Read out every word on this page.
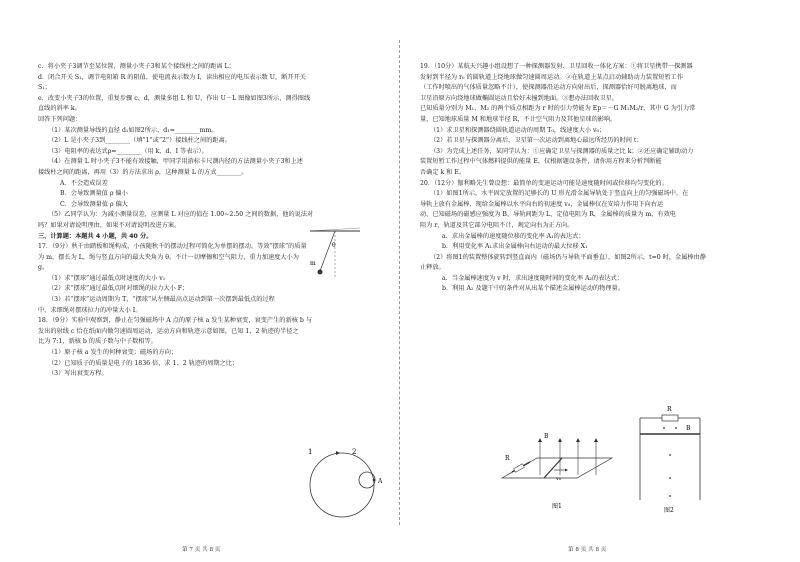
c．将小夹子3调节至某位置，测量小夹子3和某个接线柱之间的距离 L；
d．闭合开关 S₁，调节电阻箱 R 的阻值，使电流表示数为 I，读出相应的电压表示数 U，断开开关
S₁；
e．改变小夹子3的位置，重复步骤 c、d，测量多组 L 和 U，作出 U－L 图像如图3所示，测得图线
直线的斜率 k。
回答下列问题：
（1）某次测量导线的直径 d₁如图2所示，d₁=________mm。
（2）L 是小夹子3到________（填“1”或“2”）接线柱之间的距离。
（3）电阻率的表达式ρ=________（用 k、d、I 等表示）。
（4）在测量 L 时小夹子3不能有效接触，甲同学用游标卡尺测内径的方法测量小夹子3和上述
接线柱之间的距离，再用（3）的方法求出 ρ，这种测量 L 的方式________。
A．不会造成误差
B．会导致测量值 ρ 偏小
C．会导致测量值 ρ 偏大
（5）乙同学认为：为减小测量误差，应测量 L 对应的值在 1.00~2.50 之间的数据，他的说法对
吗？如果对请说明理由，如果不对请说明改进方案。
三、计算题：本题共 4 小题，共 40 分。
17．（9分）秋千由踏板和绳构成，小孩随秋千的摆动过程可简化为单摆的摆动。等效“摆球”的质量
为 m，摆长为 L，绳与竖直方向的最大夹角为 θ。不计一切摩擦和空气阻力，重力加速度大小为
g。
（1）求“摆球”通过最低点时速度的大小 v₁
（2）求“摆球”通过最低点时对细绳的拉力大小 F；
（3）若“摆球”运动周期为 T，“摆球”从左侧最高点运动到第一次摆到最低点的过程
中，求细绳对摆球拉力的冲量大小 I。
18．（9分）实验中观察到，静止在匀强磁场中 A 点的原子核 a 发生某种衰变，衰变产生的新核 b 与
发出的射线 c 恰在纸面内做匀速圆周运动，运动方向和轨迹示意如图，已知 1、2 轨迹的半径之
比为 7:1，新核 b 的质子数与中子数相等。
（1）原子核 a 发生的何种衰变；磁场的方向；
（2）已知质子的质量是电子的 1836 倍，求 1、2 轨迹的周期之比；
（3）写出衰变方程。
θ
m
1	2
A
第 7 页 共 8 页
19．（10分）某航天兴趣小组设想了一种探测器发射、卫星回收一体化方案：①将卫星携带一探测器
发射到半径为 r₀ 的圆轨道上绕地球做匀速圆周运动。②在轨道上某点启动辅助动力装置短暂工作
（工作时喷出的气体质量忽略不计），使探测器沿运动方向射出后，探测器恰好可脱离地球，而
卫星沿原方向绕地球做椭圆运动且恰好未撞到地面。③想办法回收卫星。
已知质量分别为 M₁、M₂ 的两个质点相距为 r 时的引力势能为 Ep＝－G M₁M₂/r，其中 G 为引力常
量，已知地球质量 M 和地球半径 R，不计空气阻力及其他星球的影响。
（1）求卫星和探测器绕圆轨道运动的周期 T₀，线速度大小 v₀；
（2）若卫星与探测器分离后，卫星第一次运动到离地心最远所经历的时间 t；
（3）为完成上述任务，某同学认为：①应确定卫星与探测器的质量之比 k；②还应确定辅助动力
装置短暂工作过程中气体燃料提供的能量 E，仅根据题设条件，请你用方程来分析判断能
否确定 k 和 E。
20．（12分）伽利略先生曾设想：最简单的变速运动可能是速度随时间或位移均匀变化的。
（1）如图1所示，水平固定放置的足够长的 U 形光滑金属导轨处于竖直向上的匀强磁场中，在
导轨上放有金属棒，现给金属棒以水平向右的初速度 v₀，金属棒仅在安培力作用下向右运
动，已知磁场的磁感应强度为 B，导轨间距为 L，定值电阻为 R，金属棒的质量为 m，有效电
阻为 r，轨道及其它部分电阻不计，规定向右为正方向。
a．求出金属棒的速度随位移的变化率 A₁的表达式；
b．利用变化率 A₁求出金属棒向右运动的最大位移 X₁
（2）将图1的装置整体旋转到竖直面内（磁场仍与导轨平面垂直），如图2所示，t=0 时，金属棒由静
止释放。
a．当金属棒速度为 v 时，求出速度随时间的变化率 A₂的表达式；
b．利用 A₂ 及题干中的条件对从出某个描述金属棒运动的物理量。
R
B
v₀
图1
R
B
图2
第 8 页 共 8 页
